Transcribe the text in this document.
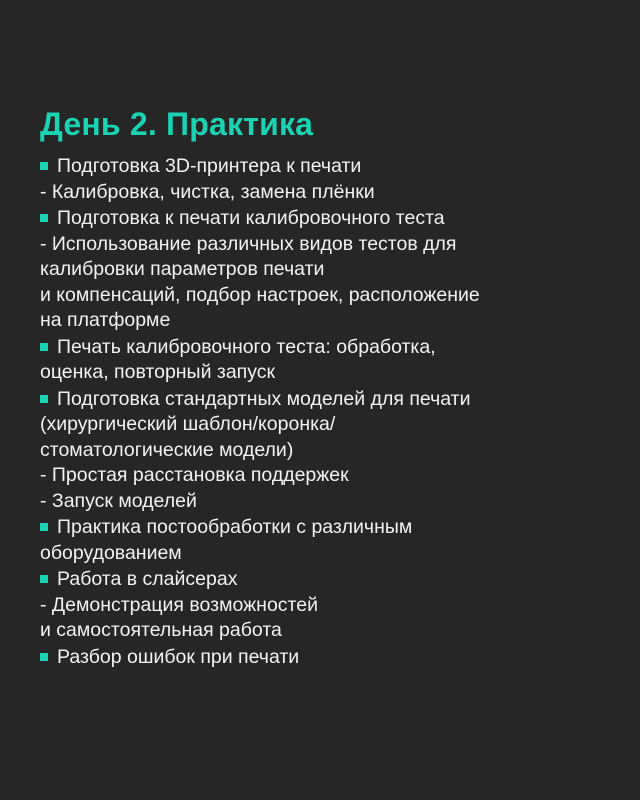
День 2. Практика
Подготовка 3D-принтера к печати
- Калибровка, чистка, замена плёнки
Подготовка к печати калибровочного теста
- Использование различных видов тестов для
калибровки параметров печати
и компенсаций, подбор настроек, расположение
на платформе
Печать калибровочного теста: обработка,
оценка, повторный запуск
Подготовка стандартных моделей для печати
(хирургический шаблон/коронка/
стоматологические модели)
- Простая расстановка поддержек
- Запуск моделей
Практика постообработки с различным
оборудованием
Работа в слайсерах
- Демонстрация возможностей
и самостоятельная работа
Разбор ошибок при печати
